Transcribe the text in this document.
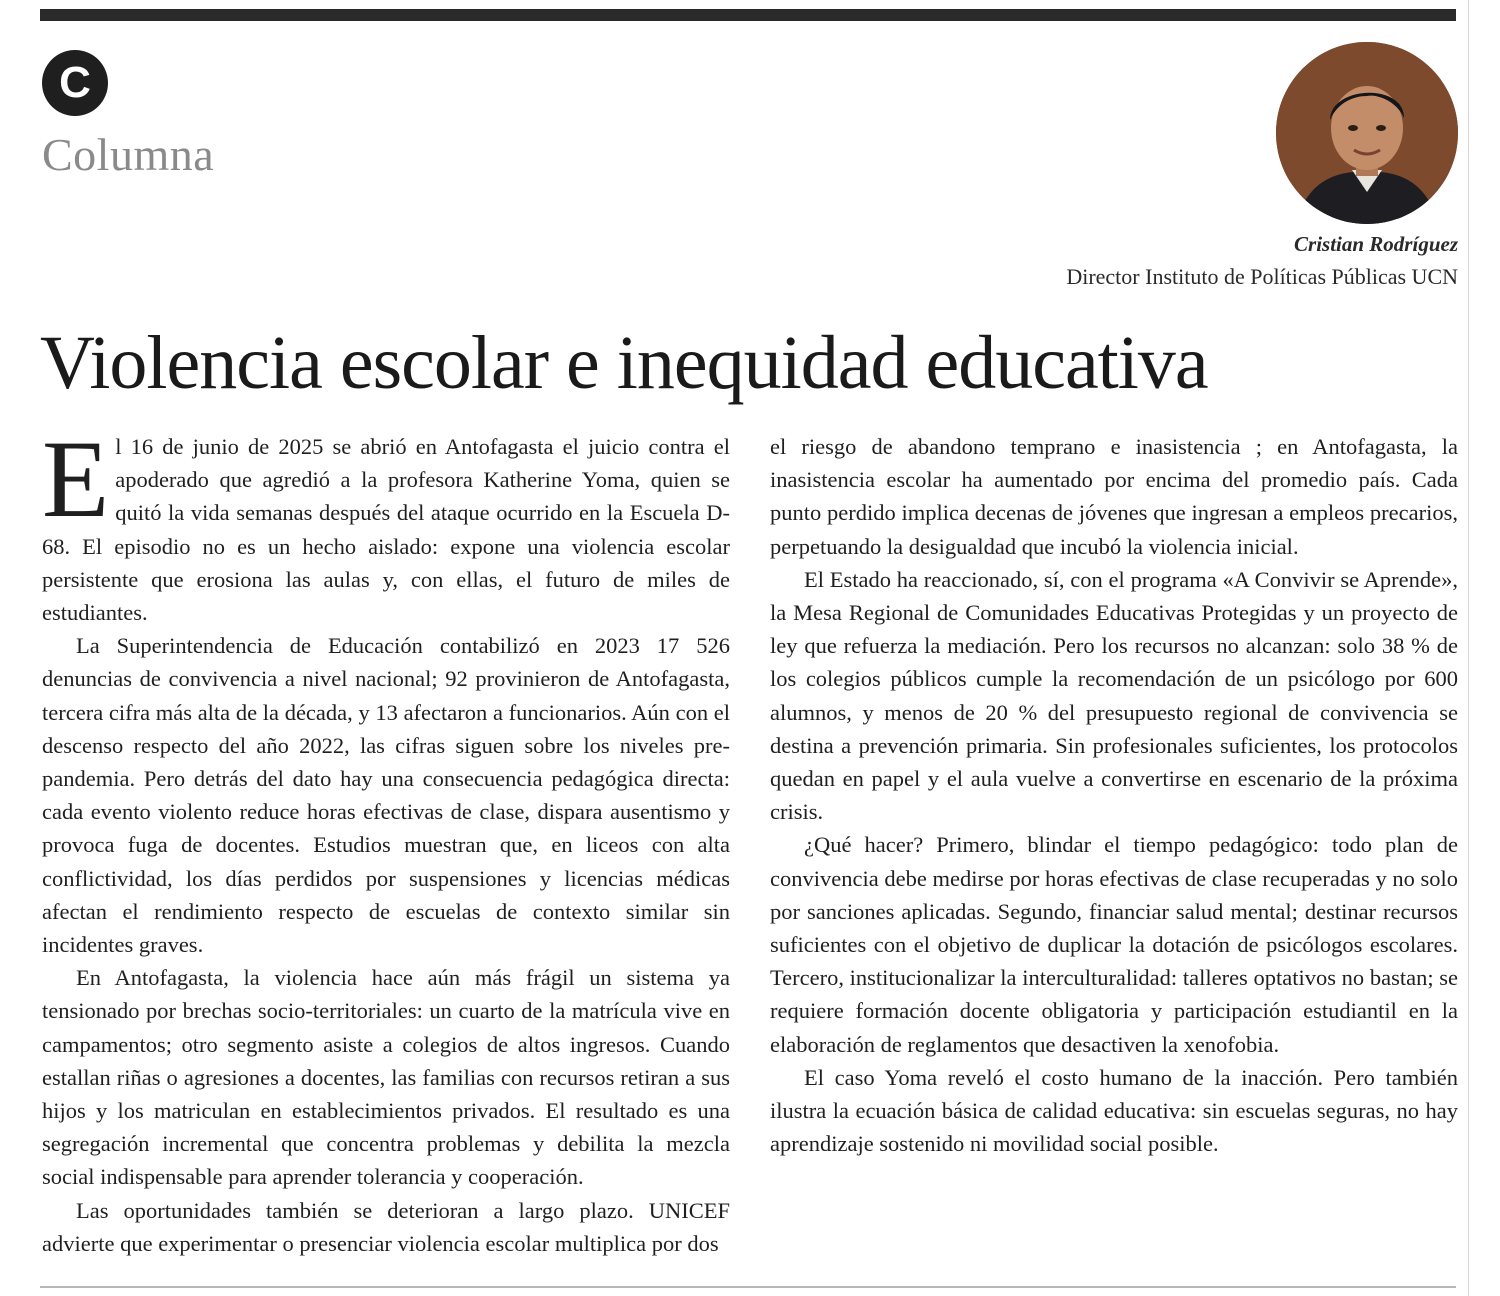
C
Columna
Cristian Rodríguez
Director Instituto de Políticas Públicas UCN
Violencia escolar e inequidad educativa

El 16 de junio de 2025 se abrió en Antofagasta el juicio contra el apoderado que agredió a la profesora Katherine Yoma, quien se quitó la vida semanas después del ataque ocurrido en la Escuela D-68. El episodio no es un hecho aislado: expone una violencia escolar persistente que erosiona las aulas y, con ellas, el futuro de miles de estudiantes.

La Superintendencia de Educación contabilizó en 2023 17 526 denuncias de convivencia a nivel nacional; 92 provinieron de Antofagasta, tercera cifra más alta de la década, y 13 afectaron a funcionarios. Aún con el descenso respecto del año 2022, las cifras siguen sobre los niveles pre-pandemia. Pero detrás del dato hay una consecuencia pedagógica directa: cada evento violento reduce horas efectivas de clase, dispara ausentismo y provoca fuga de docentes. Estudios muestran que, en liceos con alta conflictividad, los días perdidos por suspensiones y licencias médicas afectan el rendimiento respecto de escuelas de contexto similar sin incidentes graves.

En Antofagasta, la violencia hace aún más frágil un sistema ya tensionado por brechas socio-territoriales: un cuarto de la matrícula vive en campamentos; otro segmento asiste a colegios de altos ingresos. Cuando estallan riñas o agresiones a docentes, las familias con recursos retiran a sus hijos y los matriculan en establecimientos privados. El resultado es una segregación incremental que concentra problemas y debilita la mezcla social indispensable para aprender tolerancia y cooperación.

Las oportunidades también se deterioran a largo plazo. UNICEF advierte que experimentar o presenciar violencia escolar multiplica por dos

el riesgo de abandono temprano e inasistencia ; en Antofagasta, la inasistencia escolar ha aumentado por encima del promedio país. Cada punto perdido implica decenas de jóvenes que ingresan a empleos precarios, perpetuando la desigualdad que incubó la violencia inicial.

El Estado ha reaccionado, sí, con el programa «A Convivir se Aprende», la Mesa Regional de Comunidades Educativas Protegidas y un proyecto de ley que refuerza la mediación. Pero los recursos no alcanzan: solo 38 % de los colegios públicos cumple la recomendación de un psicólogo por 600 alumnos, y menos de 20 % del presupuesto regional de convivencia se destina a prevención primaria. Sin profesionales suficientes, los protocolos quedan en papel y el aula vuelve a convertirse en escenario de la próxima crisis.

¿Qué hacer? Primero, blindar el tiempo pedagógico: todo plan de convivencia debe medirse por horas efectivas de clase recuperadas y no solo por sanciones aplicadas. Segundo, financiar salud mental; destinar recursos suficientes con el objetivo de duplicar la dotación de psicólogos escolares. Tercero, institucionalizar la interculturalidad: talleres optativos no bastan; se requiere formación docente obligatoria y participación estudiantil en la elaboración de reglamentos que desactiven la xenofobia.

El caso Yoma reveló el costo humano de la inacción. Pero también ilustra la ecuación básica de calidad educativa: sin escuelas seguras, no hay aprendizaje sostenido ni movilidad social posible.
